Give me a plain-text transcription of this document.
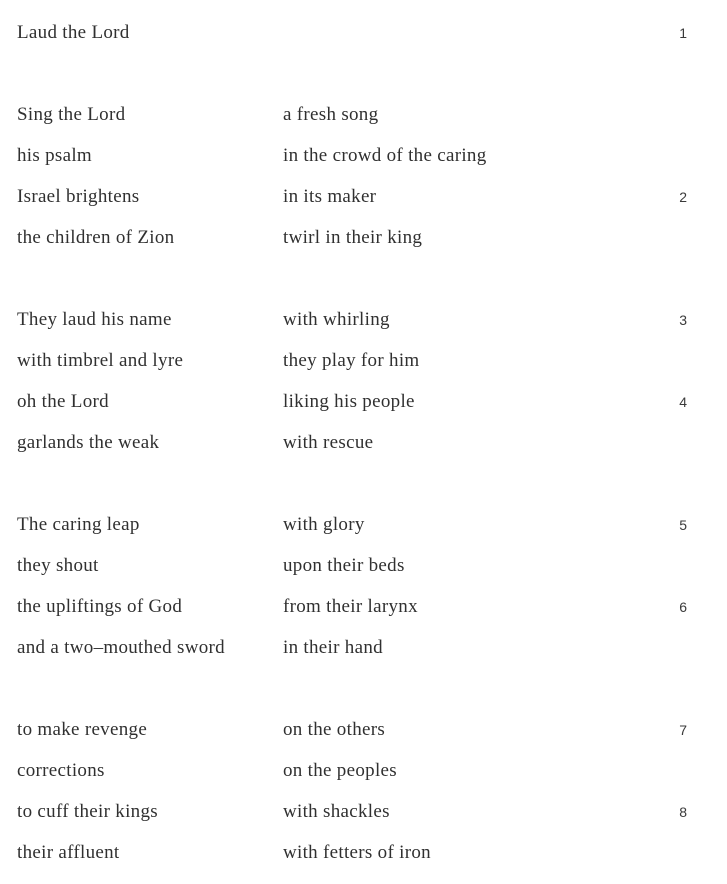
Laud the Lord	1
Sing the Lord	a fresh song
his psalm	in the crowd of the caring
Israel brightens	in its maker	2
the children of Zion	twirl in their king
They laud his name	with whirling	3
with timbrel and lyre	they play for him
oh the Lord	liking his people	4
garlands the weak	with rescue
The caring leap	with glory	5
they shout	upon their beds
the upliftings of God	from their larynx	6
and a two–mouthed sword	in their hand
to make revenge	on the others	7
corrections	on the peoples
to cuff their kings	with shackles	8
their affluent	with fetters of iron
